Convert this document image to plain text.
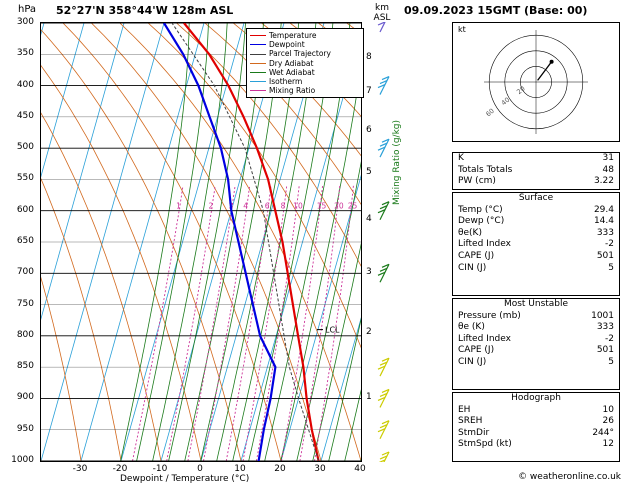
hPa 52°27'N 358°44'W 128m ASL	km
ASL
09.09.2023 15GMT (Base: 00)
1	2 3 4 6 8 10 15 20 25
LCL
1000
950
900
850
800
750
700
650
600
550
500
450
400
350
300
-30	-20	-10	0	10	20	30	40
Dewpoint / Temperature (°C)
1
2
3
4
5
6
7
8
Mixing Ratio (g/kg)
Temperature
Dewpoint
Parcel Trajectory
Dry Adiabat
Wet Adiabat
Isotherm
Mixing Ratio	20
40
60
kt
K	31
Totals Totals	48
PW (cm)	3.22
Surface
Temp (°C)	29.4
Dewp (°C)	14.4
θe(K)	333
Lifted Index	-2
CAPE (J)	501
CIN (J)	5
Most Unstable
Pressure (mb)	1001
θe (K)	333
Lifted Index	-2
CAPE (J)	501
CIN (J)	5
Hodograph
EH	10
SREH	26
StmDir	244°
StmSpd (kt)	12
© weatheronline.co.uk
